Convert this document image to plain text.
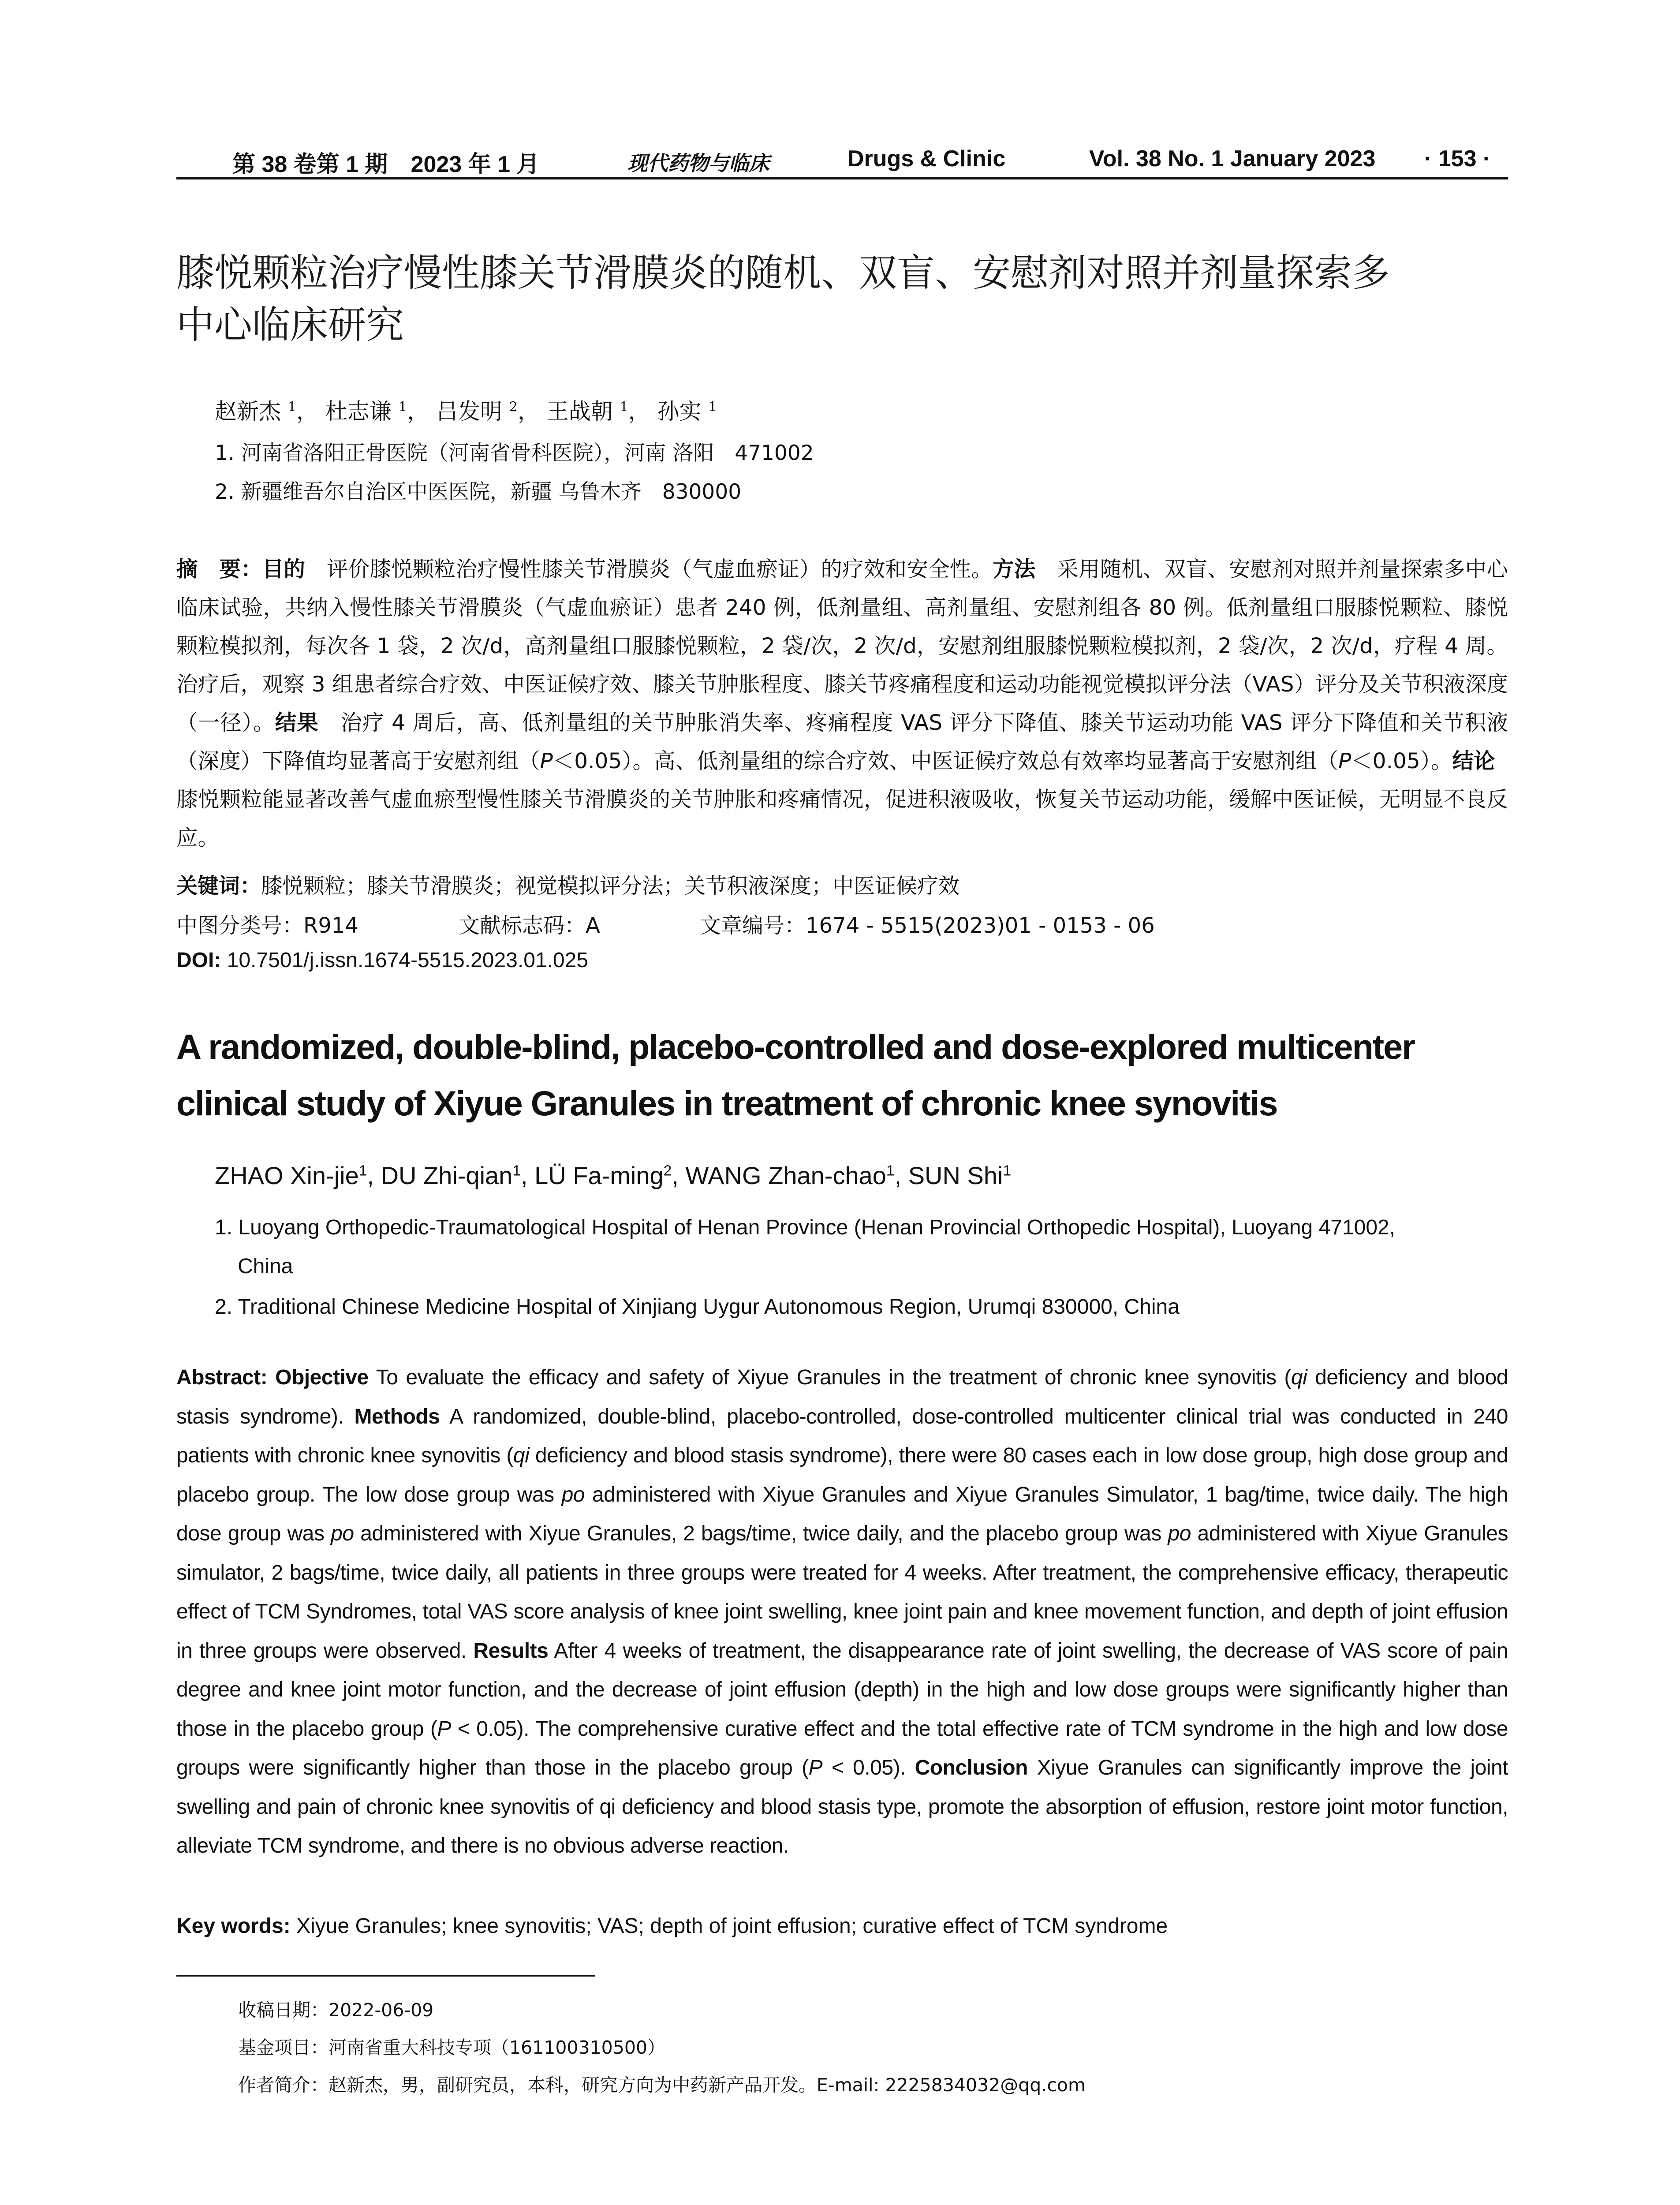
第 38 卷第 1 期　2023 年 1 月	现代药物与临床	Drugs & Clinic	Vol. 38 No. 1 January 2023 · 153 ·
膝悦颗粒治疗慢性膝关节滑膜炎的随机、双盲、安慰剂对照并剂量探索多
中心临床研究
赵新杰 $^1$， 杜志谦 $^1$， 吕发明 $^2$， 王战朝 $^1$， 孙实 $^1$
1. 河南省洛阳正骨医院（河南省骨科医院），河南 洛阳　471002
2. 新疆维吾尔自治区中医医院，新疆 乌鲁木齐　830000
摘　要：目的　评价膝悦颗粒治疗慢性膝关节滑膜炎（气虚血瘀证）的疗效和安全性。方法　采用随机、双盲、安慰剂对照并剂量探索多中心临床试验，共纳入慢性膝关节滑膜炎（气虚血瘀证）患者 240 例，低剂量组、高剂量组、安慰剂组各 80 例。低剂量组口服膝悦颗粒、膝悦颗粒模拟剂，每次各 1 袋，2 次/d，高剂量组口服膝悦颗粒，2 袋/次，2 次/d，安慰剂组服膝悦颗粒模拟剂，2 袋/次，2 次/d，疗程 4 周。治疗后，观察 3 组患者综合疗效、中医证候疗效、膝关节肿胀程度、膝关节疼痛程度和运动功能视觉模拟评分法（VAS）评分及关节积液深度（一径）。结果　治疗 4 周后，高、低剂量组的关节肿胀消失率、疼痛程度 VAS 评分下降值、膝关节运动功能 VAS 评分下降值和关节积液（深度）下降值均显著高于安慰剂组（P＜0.05）。高、低剂量组的综合疗效、中医证候疗效总有效率均显著高于安慰剂组（P＜0.05）。结论　膝悦颗粒能显著改善气虚血瘀型慢性膝关节滑膜炎的关节肿胀和疼痛情况，促进积液吸收，恢复关节运动功能，缓解中医证候，无明显不良反应。
关键词：膝悦颗粒；膝关节滑膜炎；视觉模拟评分法；关节积液深度；中医证候疗效
中图分类号：R914	文献标志码：A	文章编号：1674 - 5515(2023)01 - 0153 - 06
DOI: 10.7501/j.issn.1674-5515.2023.01.025
A randomized, double-blind, placebo-controlled and dose-explored multicenter
clinical study of Xiyue Granules in treatment of chronic knee synovitis
ZHAO Xin-jie$^1$, DU Zhi-qian$^1$, LÜ Fa-ming$^2$, WANG Zhan-chao$^1$, SUN Shi$^1$
1. Luoyang Orthopedic-Traumatological Hospital of Henan Province (Henan Provincial Orthopedic Hospital), Luoyang 471002,
China
2. Traditional Chinese Medicine Hospital of Xinjiang Uygur Autonomous Region, Urumqi 830000, China
Abstract: Objective To evaluate the efficacy and safety of Xiyue Granules in the treatment of chronic knee synovitis (qi deficiency and blood stasis syndrome). Methods A randomized, double-blind, placebo-controlled, dose-controlled multicenter clinical trial was conducted in 240 patients with chronic knee synovitis (qi deficiency and blood stasis syndrome), there were 80 cases each in low dose group, high dose group and placebo group. The low dose group was po administered with Xiyue Granules and Xiyue Granules Simulator, 1 bag/time, twice daily. The high dose group was po administered with Xiyue Granules, 2 bags/time, twice daily, and the placebo group was po administered with Xiyue Granules simulator, 2 bags/time, twice daily, all patients in three groups were treated for 4 weeks. After treatment, the comprehensive efficacy, therapeutic effect of TCM Syndromes, total VAS score analysis of knee joint swelling, knee joint pain and knee movement function, and depth of joint effusion in three groups were observed. Results After 4 weeks of treatment, the disappearance rate of joint swelling, the decrease of VAS score of pain degree and knee joint motor function, and the decrease of joint effusion (depth) in the high and low dose groups were significantly higher than those in the placebo group (P < 0.05). The comprehensive curative effect and the total effective rate of TCM syndrome in the high and low dose groups were significantly higher than those in the placebo group (P < 0.05). Conclusion Xiyue Granules can significantly improve the joint swelling and pain of chronic knee synovitis of qi deficiency and blood stasis type, promote the absorption of effusion, restore joint motor function, alleviate TCM syndrome, and there is no obvious adverse reaction.
Key words: Xiyue Granules; knee synovitis; VAS; depth of joint effusion; curative effect of TCM syndrome
收稿日期：2022-06-09
基金项目：河南省重大科技专项（161100310500）
作者简介：赵新杰，男，副研究员，本科，研究方向为中药新产品开发。E-mail: 2225834032@qq.com
